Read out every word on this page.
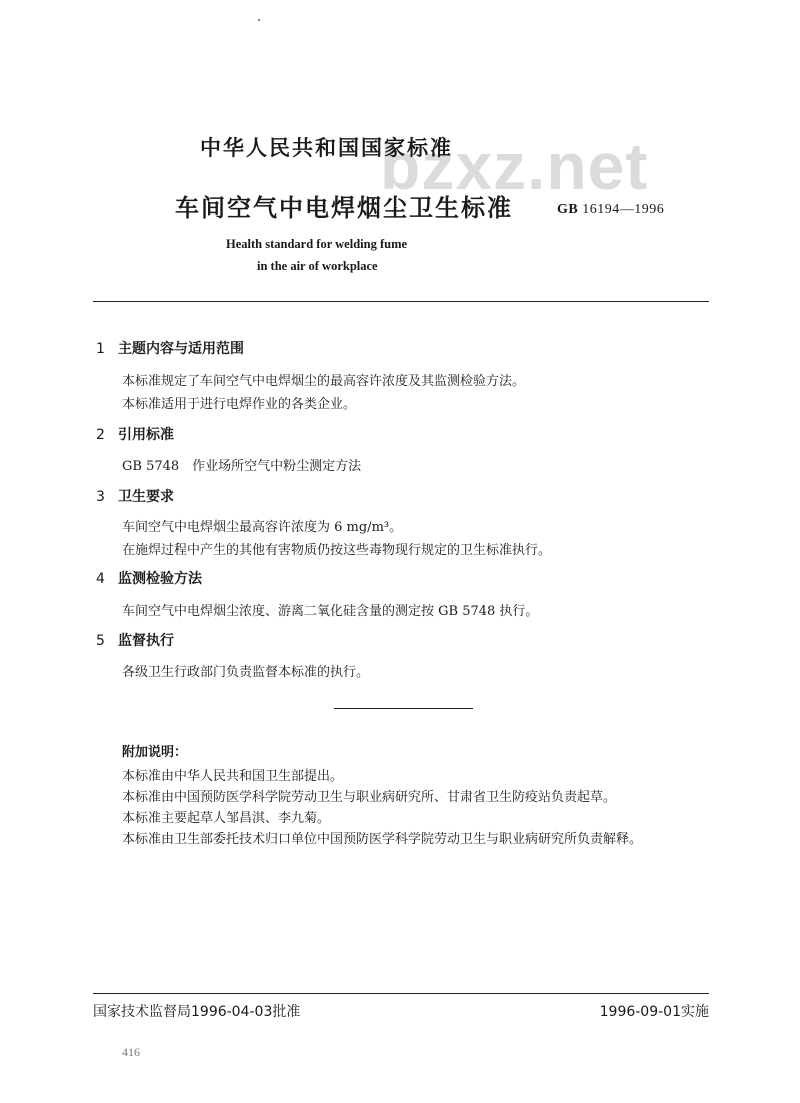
bzxz.net
中华人民共和国国家标准
车间空气中电焊烟尘卫生标准	GB 16194—1996
Health standard for welding fume
in the air of workplace
1 主题内容与适用范围
本标准规定了车间空气中电焊烟尘的最高容许浓度及其监测检验方法。
本标准适用于进行电焊作业的各类企业。
2 引用标准
GB 5748　作业场所空气中粉尘测定方法
3 卫生要求
车间空气中电焊烟尘最高容许浓度为 6 mg/m³。
在施焊过程中产生的其他有害物质仍按这些毒物现行规定的卫生标准执行。
4 监测检验方法
车间空气中电焊烟尘浓度、游离二氧化硅含量的测定按 GB 5748 执行。
5 监督执行
各级卫生行政部门负责监督本标准的执行。
附加说明：
本标准由中华人民共和国卫生部提出。
本标准由中国预防医学科学院劳动卫生与职业病研究所、甘肃省卫生防疫站负责起草。
本标准主要起草人邹昌淇、李九菊。
本标准由卫生部委托技术归口单位中国预防医学科学院劳动卫生与职业病研究所负责解释。
国家技术监督局1996-04-03批准	1996-09-01实施
416
